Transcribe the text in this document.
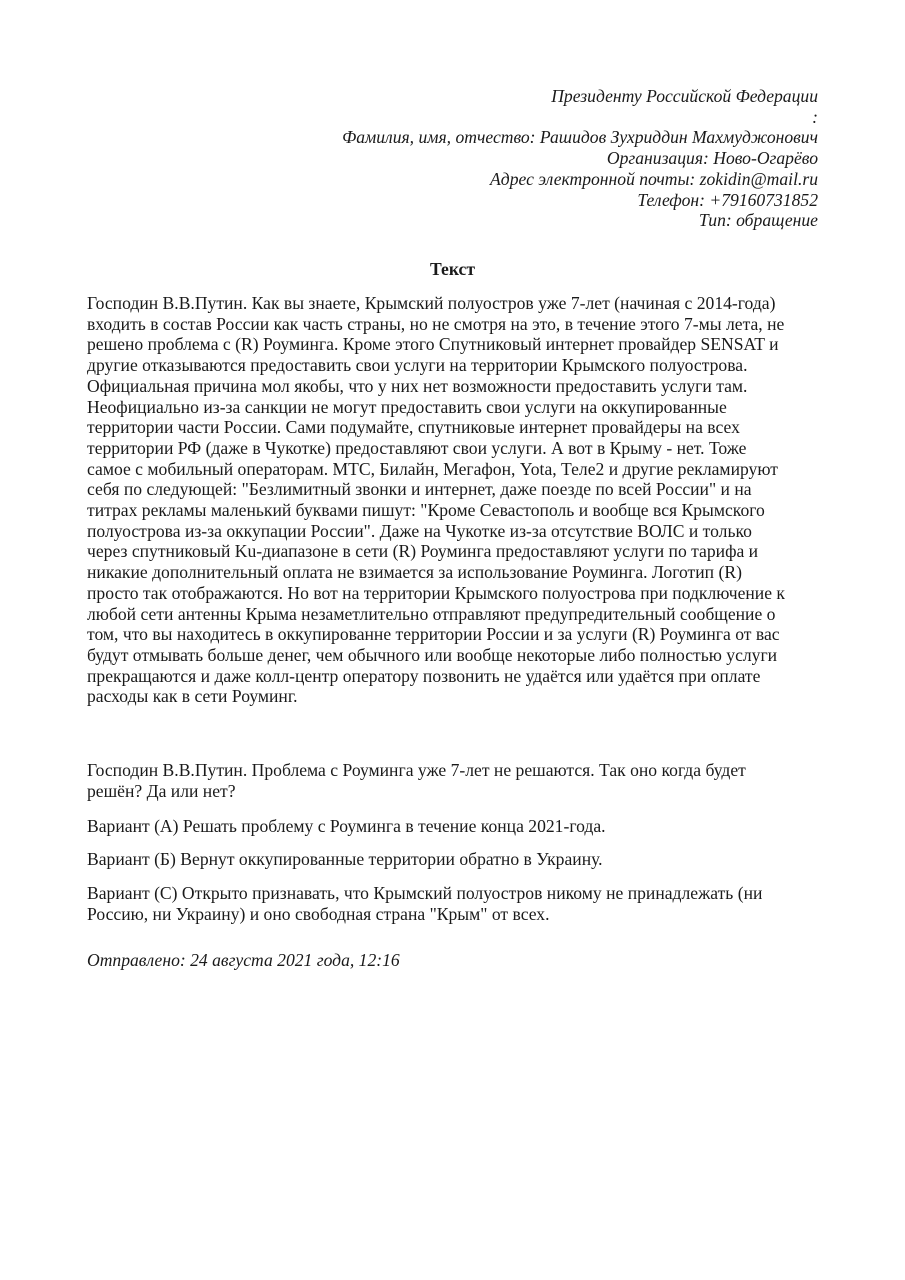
Президенту Российской Федерации
:
Фамилия, имя, отчество: Рашидов Зухриддин Махмуджонович
Организация: Ново-Огарёво
Адрес электронной почты: zokidin@mail.ru
Телефон: +79160731852
Тип: обращение
Текст
Господин В.В.Путин. Как вы знаете, Крымский полуостров уже 7-лет (начиная с 2014-года)
входить в состав России как часть страны, но не смотря на это, в течение этого 7-мы лета, не
решено проблема с (R) Роуминга. Кроме этого Спутниковый интернет провайдер SENSAT и
другие отказываются предоставить свои услуги на территории Крымского полуострова.
Официальная причина мол якобы, что у них нет возможности предоставить услуги там.
Неофициально из-за санкции не могут предоставить свои услуги на оккупированные
территории части России. Сами подумайте, спутниковые интернет провайдеры на всех
территории РФ (даже в Чукотке) предоставляют свои услуги. А вот в Крыму - нет. Тоже
самое с мобильный операторам. МТС, Билайн, Мегафон, Yota, Теле2 и другие рекламируют
себя по следующей: "Безлимитный звонки и интернет, даже поезде по всей России" и на
титрах рекламы маленький буквами пишут: "Кроме Севастополь и вообще вся Крымского
полуострова из-за оккупации России". Даже на Чукотке из-за отсутствие ВОЛС и только
через спутниковый Ku-диапазоне в сети (R) Роуминга предоставляют услуги по тарифа и
никакие дополнительный оплата не взимается за использование Роуминга. Логотип (R)
просто так отображаются. Но вот на территории Крымского полуострова при подключение к
любой сети антенны Крыма незаметлительно отправляют предупредительный сообщение о
том, что вы находитесь в оккупированне территории России и за услуги (R) Роуминга от вас
будут отмывать больше денег, чем обычного или вообще некоторые либо полностью услуги
прекращаются и даже колл-центр оператору позвонить не удаётся или удаётся при оплате
расходы как в сети Роуминг.
Господин В.В.Путин. Проблема с Роуминга уже 7-лет не решаются. Так оно когда будет
решён? Да или нет?
Вариант (А) Решать проблему с Роуминга в течение конца 2021-года.
Вариант (Б) Вернут оккупированные территории обратно в Украину.
Вариант (С) Открыто признавать, что Крымский полуостров никому не принадлежать (ни
Россию, ни Украину) и оно свободная страна "Крым" от всех.
Отправлено: 24 августа 2021 года, 12:16
